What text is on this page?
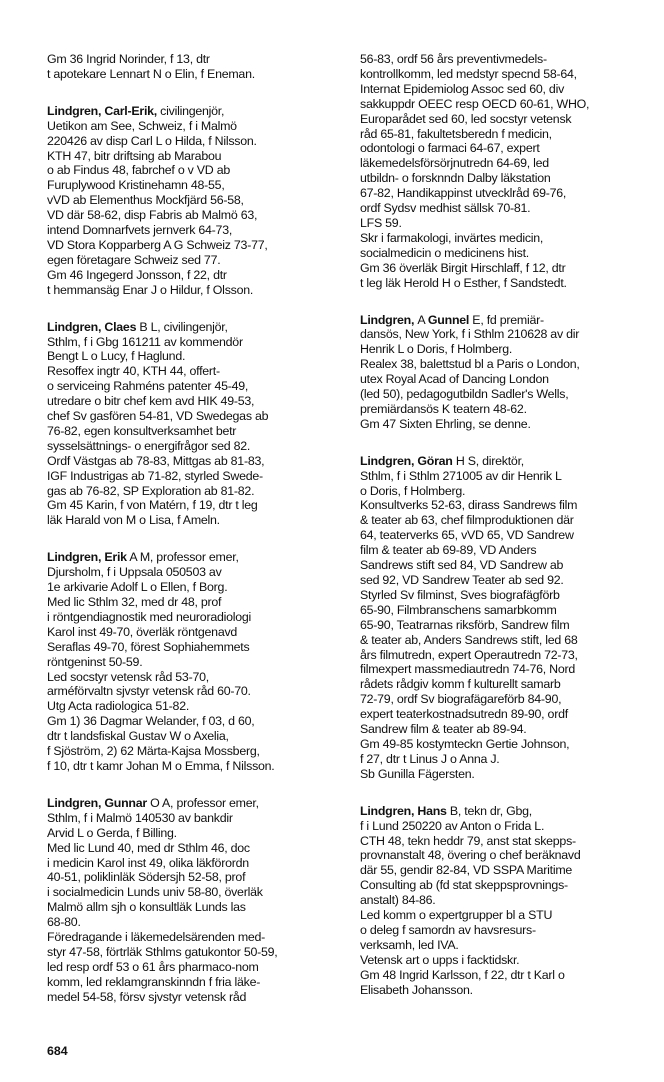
Gm 36 Ingrid Norinder, f 13, dtr
t apotekare Lennart N o Elin, f Eneman.
Lindgren, Carl-Erik, civilingenjör,
Uetikon am See, Schweiz, f i Malmö
220426 av disp Carl L o Hilda, f Nilsson.
KTH 47, bitr driftsing ab Marabou
o ab Findus 48, fabrchef o v VD ab
Furuplywood Kristinehamn 48-55,
vVD ab Elementhus Mockfjärd 56-58,
VD där 58-62, disp Fabris ab Malmö 63,
intend Domnarfvets jernverk 64-73,
VD Stora Kopparberg A G Schweiz 73-77,
egen företagare Schweiz sed 77.
Gm 46 Ingegerd Jonsson, f 22, dtr
t hemmansäg Enar J o Hildur, f Olsson.
Lindgren, Claes B L, civilingenjör,
Sthlm, f i Gbg 161211 av kommendör
Bengt L o Lucy, f Haglund.
Resoffex ingtr 40, KTH 44, offert-
o serviceing Rahméns patenter 45-49,
utredare o bitr chef kem avd HIK 49-53,
chef Sv gasfören 54-81, VD Swedegas ab
76-82, egen konsultverksamhet betr
sysselsättnings- o energifrågor sed 82.
Ordf Västgas ab 78-83, Mittgas ab 81-83,
IGF Industrigas ab 71-82, styrled Swede-
gas ab 76-82, SP Exploration ab 81-82.
Gm 45 Karin, f von Matérn, f 19, dtr t leg
läk Harald von M o Lisa, f Ameln.
Lindgren, Erik A M, professor emer,
Djursholm, f i Uppsala 050503 av
1e arkivarie Adolf L o Ellen, f Borg.
Med lic Sthlm 32, med dr 48, prof
i röntgendiagnostik med neuroradiologi
Karol inst 49-70, överläk röntgenavd
Seraflas 49-70, förest Sophiahemmets
röntgeninst 50-59.
Led socstyr vetensk råd 53-70,
arméförvaltn sjvstyr vetensk råd 60-70.
Utg Acta radiologica 51-82.
Gm 1) 36 Dagmar Welander, f 03, d 60,
dtr t landsfiskal Gustav W o Axelia,
f Sjöström, 2) 62 Märta-Kajsa Mossberg,
f 10, dtr t kamr Johan M o Emma, f Nilsson.
Lindgren, Gunnar O A, professor emer,
Sthlm, f i Malmö 140530 av bankdir
Arvid L o Gerda, f Billing.
Med lic Lund 40, med dr Sthlm 46, doc
i medicin Karol inst 49, olika läkförordn
40-51, poliklinläk Södersjh 52-58, prof
i socialmedicin Lunds univ 58-80, överläk
Malmö allm sjh o konsultläk Lunds las
68-80.
Föredragande i läkemedelsärenden med-
styr 47-58, förtrläk Sthlms gatukontor 50-59,
led resp ordf 53 o 61 års pharmaco-nom
komm, led reklamgranskinndn f fria läke-
medel 54-58, försv sjvstyr vetensk råd
56-83, ordf 56 års preventivmedels-
kontrollkomm, led medstyr specnd 58-64,
Internat Epidemiolog Assoc sed 60, div
sakkuppdr OEEC resp OECD 60-61, WHO,
Europarådet sed 60, led socstyr vetensk
råd 65-81, fakultetsberedn f medicin,
odontologi o farmaci 64-67, expert
läkemedelsförsörjnutredn 64-69, led
utbildn- o forsknndn Dalby läkstation
67-82, Handikappinst utvecklråd 69-76,
ordf Sydsv medhist sällsk 70-81.
LFS 59.
Skr i farmakologi, invärtes medicin,
socialmedicin o medicinens hist.
Gm 36 överläk Birgit Hirschlaff, f 12, dtr
t leg läk Herold H o Esther, f Sandstedt.
Lindgren, A Gunnel E, fd premiär-
dansös, New York, f i Sthlm 210628 av dir
Henrik L o Doris, f Holmberg.
Realex 38, balettstud bl a Paris o London,
utex Royal Acad of Dancing London
(led 50), pedagogutbildn Sadler's Wells,
premiärdansös K teatern 48-62.
Gm 47 Sixten Ehrling, se denne.
Lindgren, Göran H S, direktör,
Sthlm, f i Sthlm 271005 av dir Henrik L
o Doris, f Holmberg.
Konsultverks 52-63, dirass Sandrews film
& teater ab 63, chef filmproduktionen där
64, teaterverks 65, vVD 65, VD Sandrew
film & teater ab 69-89, VD Anders
Sandrews stift sed 84, VD Sandrew ab
sed 92, VD Sandrew Teater ab sed 92.
Styrled Sv filminst, Sves biografägförb
65-90, Filmbranschens samarbkomm
65-90, Teatrarnas riksförb, Sandrew film
& teater ab, Anders Sandrews stift, led 68
års filmutredn, expert Operautredn 72-73,
filmexpert massmediautredn 74-76, Nord
rådets rådgiv komm f kulturellt samarb
72-79, ordf Sv biografägareförb 84-90,
expert teaterkostnadsutredn 89-90, ordf
Sandrew film & teater ab 89-94.
Gm 49-85 kostymteckn Gertie Johnson,
f 27, dtr t Linus J o Anna J.
Sb Gunilla Fägersten.
Lindgren, Hans B, tekn dr, Gbg,
f i Lund 250220 av Anton o Frida L.
CTH 48, tekn heddr 79, anst stat skepps-
provnanstalt 48, övering o chef beräknavd
där 55, gendir 82-84, VD SSPA Maritime
Consulting ab (fd stat skeppsprovnings-
anstalt) 84-86.
Led komm o expertgrupper bl a STU
o deleg f samordn av havsresurs-
verksamh, led IVA.
Vetensk art o upps i facktidskr.
Gm 48 Ingrid Karlsson, f 22, dtr t Karl o
Elisabeth Johansson.
684
